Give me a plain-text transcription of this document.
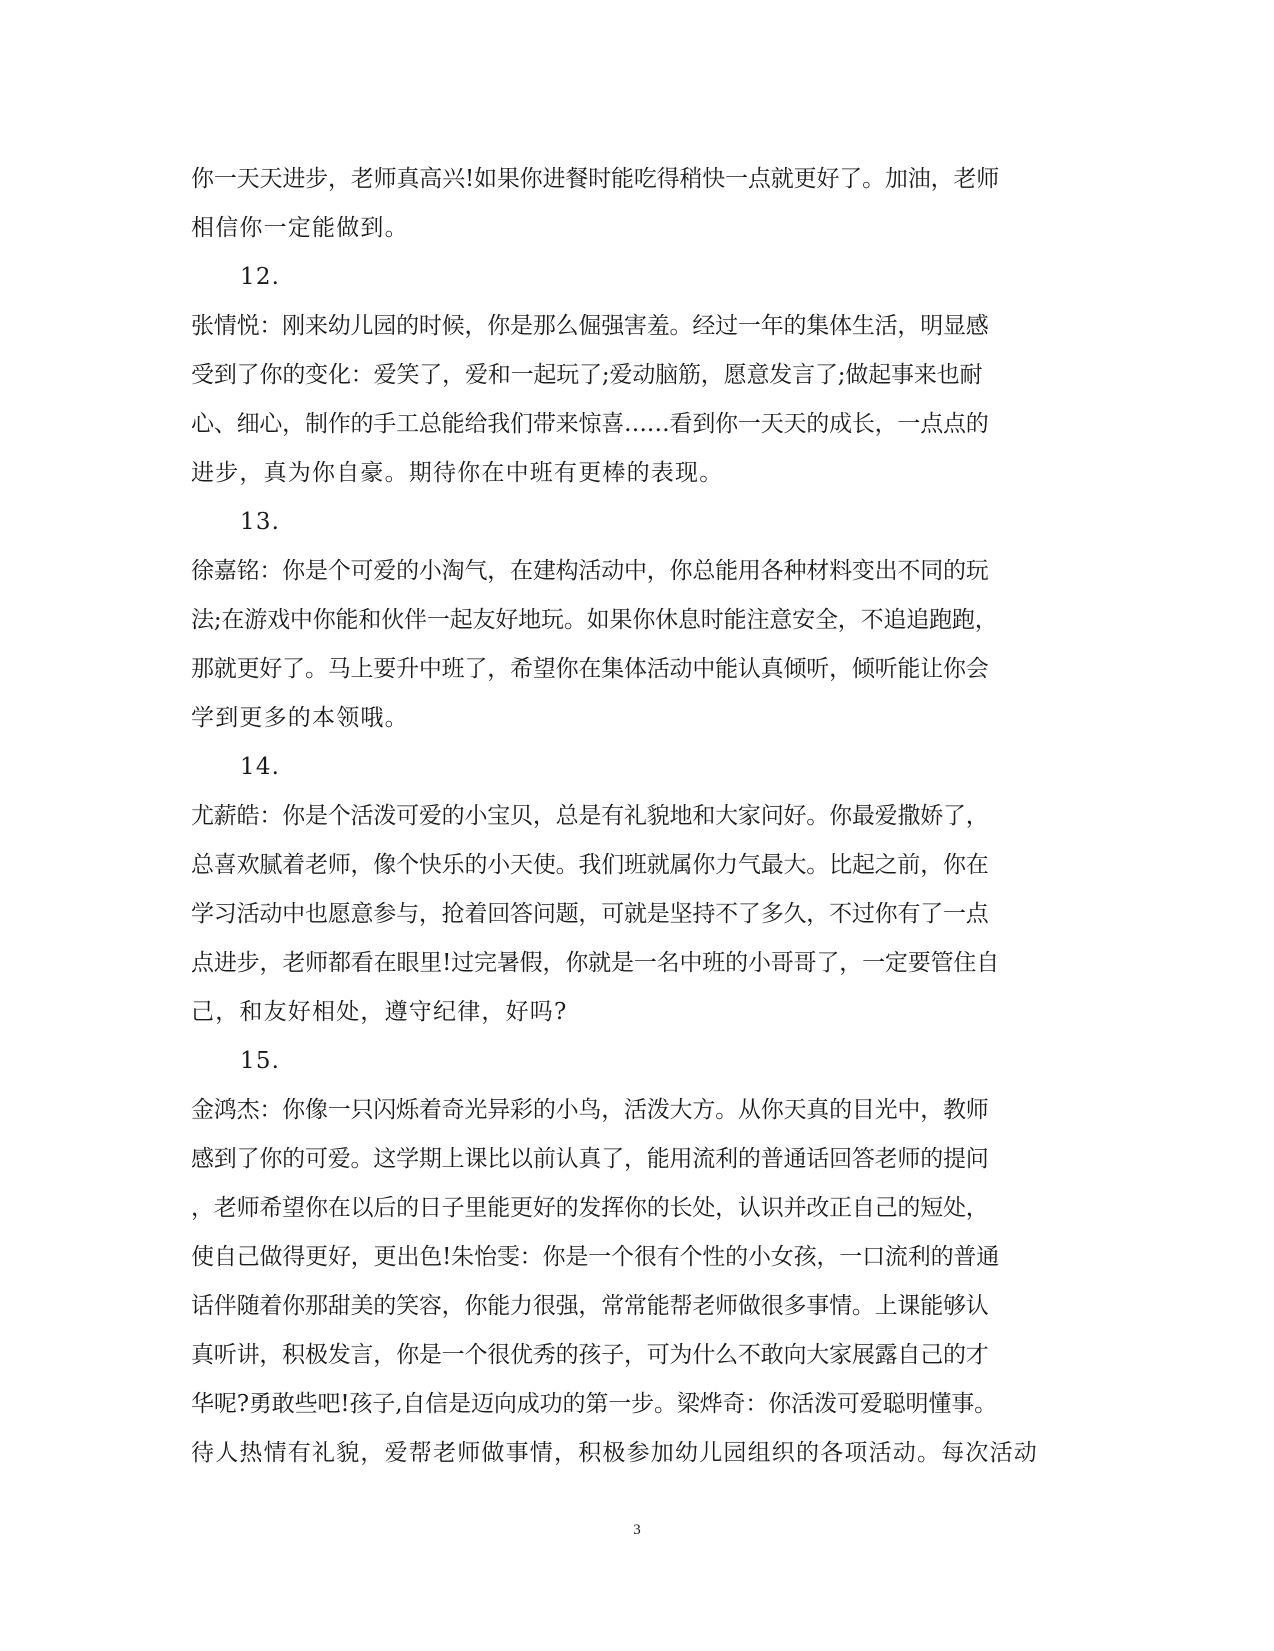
你一天天进步，老师真高兴!如果你进餐时能吃得稍快一点就更好了。加油，老师
相信你一定能做到。
12.
张情悦：刚来幼儿园的时候，你是那么倔强害羞。经过一年的集体生活，明显感
受到了你的变化：爱笑了，爱和一起玩了;爱动脑筋，愿意发言了;做起事来也耐
心、细心，制作的手工总能给我们带来惊喜……看到你一天天的成长，一点点的
进步，真为你自豪。期待你在中班有更棒的表现。
13.
徐嘉铭：你是个可爱的小淘气，在建构活动中，你总能用各种材料变出不同的玩
法;在游戏中你能和伙伴一起友好地玩。如果你休息时能注意安全，不追追跑跑，
那就更好了。马上要升中班了，希望你在集体活动中能认真倾听，倾听能让你会
学到更多的本领哦。
14.
尤薪皓：你是个活泼可爱的小宝贝，总是有礼貌地和大家问好。你最爱撒娇了，
总喜欢腻着老师，像个快乐的小天使。我们班就属你力气最大。比起之前，你在
学习活动中也愿意参与，抢着回答问题，可就是坚持不了多久，不过你有了一点
点进步，老师都看在眼里!过完暑假，你就是一名中班的小哥哥了，一定要管住自
己，和友好相处，遵守纪律，好吗?
15.
金鸿杰：你像一只闪烁着奇光异彩的小鸟，活泼大方。从你天真的目光中，教师
感到了你的可爱。这学期上课比以前认真了，能用流利的普通话回答老师的提问
，老师希望你在以后的日子里能更好的发挥你的长处，认识并改正自己的短处，
使自己做得更好，更出色!朱怡雯：你是一个很有个性的小女孩，一口流利的普通
话伴随着你那甜美的笑容，你能力很强，常常能帮老师做很多事情。上课能够认
真听讲，积极发言，你是一个很优秀的孩子，可为什么不敢向大家展露自己的才
华呢?勇敢些吧!孩子,自信是迈向成功的第一步。梁烨奇：你活泼可爱聪明懂事。
待人热情有礼貌，爱帮老师做事情，积极参加幼儿园组织的各项活动。每次活动
3
